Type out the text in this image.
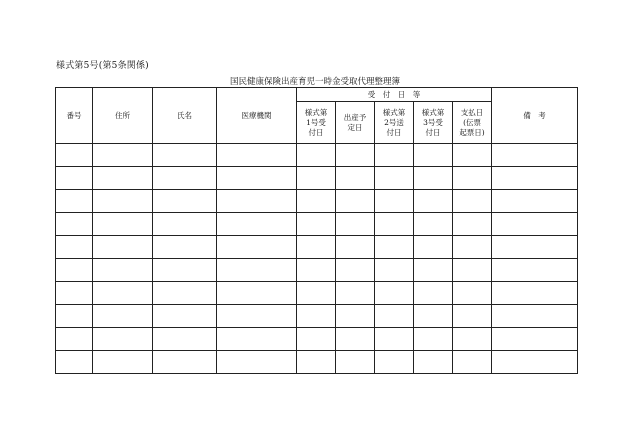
様式第5号(第5条関係)
国民健康保険出産育児一時金受取代理整理簿
番号	住所	氏名	医療機関	受　付　日　等					備　考

				様式第
1号受
付日	出産予
定日	様式第
2号送
付日	様式第
3号受
付日	支払日
(伝票
起票日)	
